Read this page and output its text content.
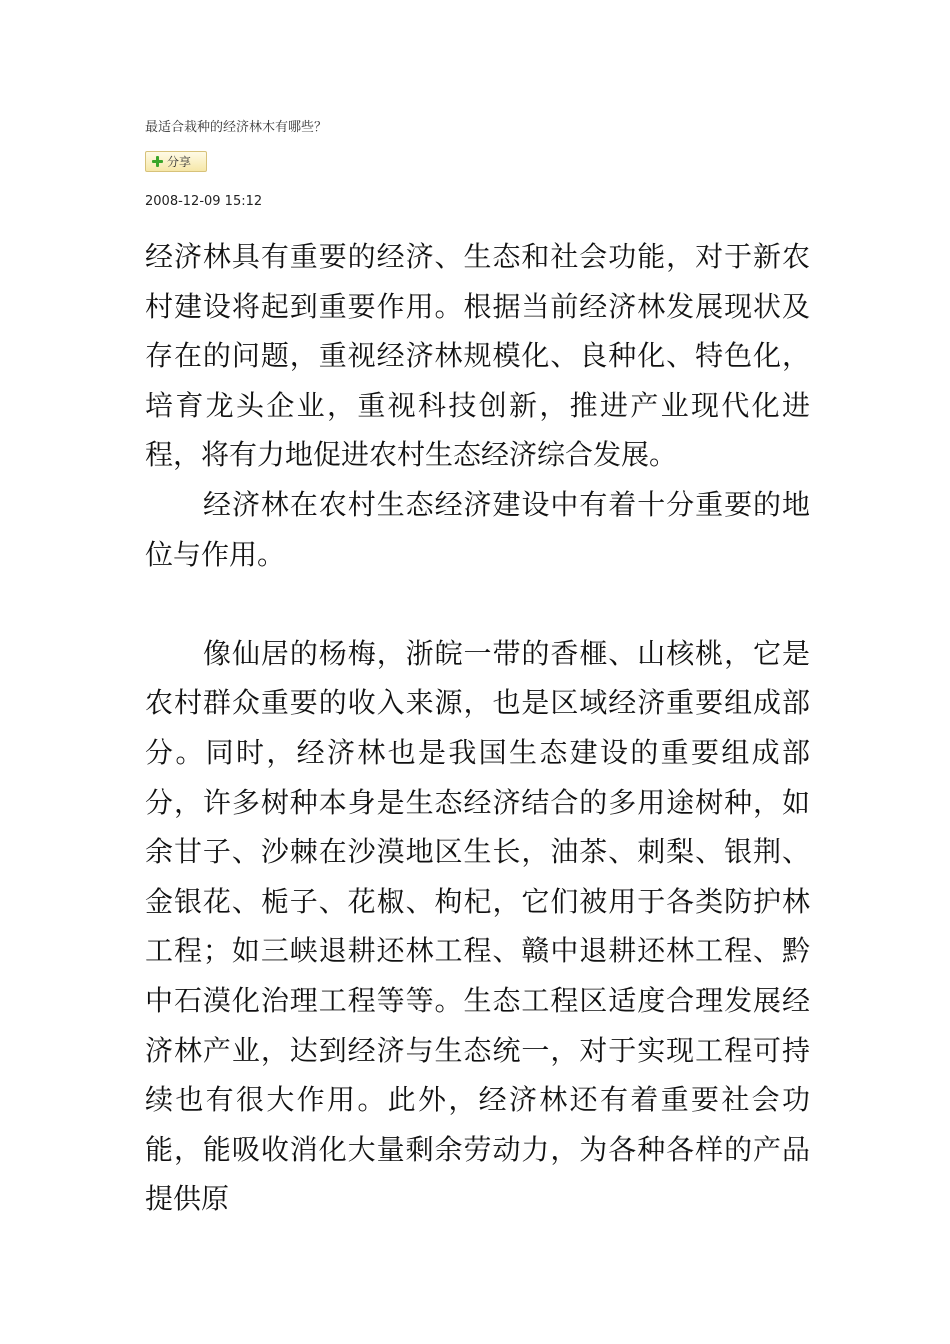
最适合栽种的经济林木有哪些？
分享
2008-12-09 15:12

经济林具有重要的经济、生态和社会功能，对于新农村建设将起到重要作用。根据当前经济林发展现状及存在的问题，重视经济林规模化、良种化、特色化，培育龙头企业，重视科技创新，推进产业现代化进程，将有力地促进农村生态经济综合发展。

经济林在农村生态经济建设中有着十分重要的地位与作用。

像仙居的杨梅，浙皖一带的香榧、山核桃，它是农村群众重要的收入来源，也是区域经济重要组成部分。同时，经济林也是我国生态建设的重要组成部分，许多树种本身是生态经济结合的多用途树种，如余甘子、沙棘在沙漠地区生长，油茶、刺梨、银荆、金银花、栀子、花椒、枸杞，它们被用于各类防护林工程；如三峡退耕还林工程、赣中退耕还林工程、黔中石漠化治理工程等等。生态工程区适度合理发展经济林产业，达到经济与生态统一，对于实现工程可持续也有很大作用。此外，经济林还有着重要社会功能，能吸收消化大量剩余劳动力，为各种各样的产品提供原
